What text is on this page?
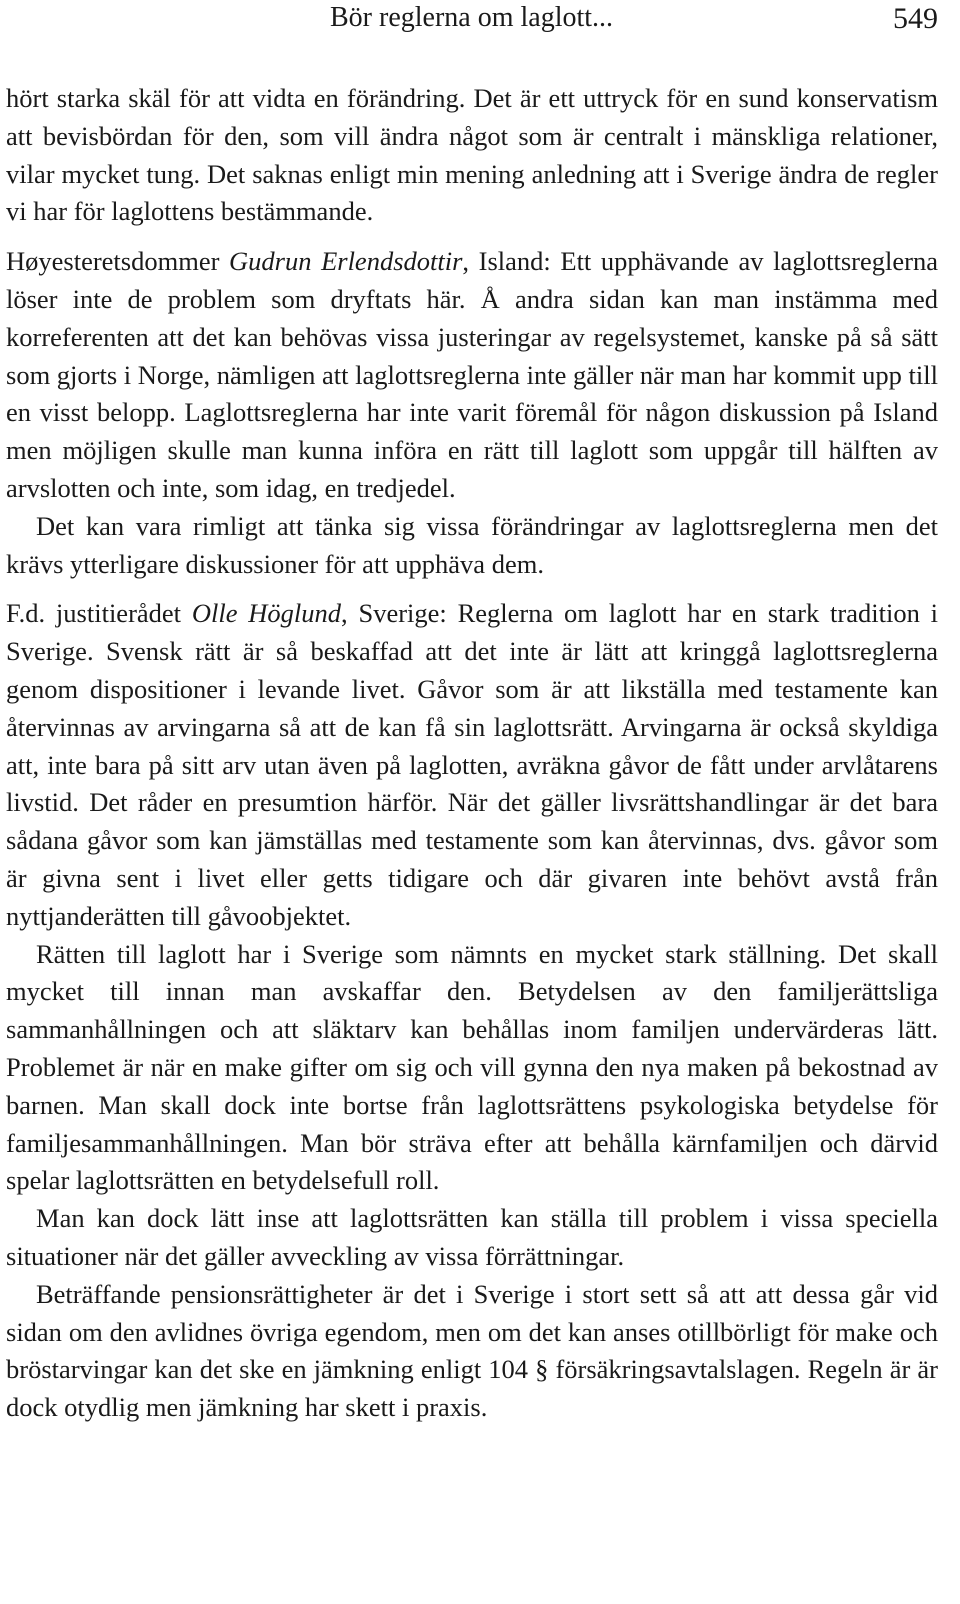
Bör reglerna om laglott...	549

hört starka skäl för att vidta en förändring. Det är ett uttryck för en sund konservatism att bevisbördan för den, som vill ändra något som är centralt i mänskliga relationer, vilar mycket tung. Det saknas enligt min mening anledning att i Sverige ändra de regler vi har för laglottens bestämmande.

Høyesteretsdommer Gudrun Erlendsdottir, Island: Ett upphävande av laglottsreglerna löser inte de problem som dryftats här. Å andra sidan kan man instämma med korreferenten att det kan behövas vissa justeringar av regelsystemet, kanske på så sätt som gjorts i Norge, nämligen att laglottsreglerna inte gäller när man har kommit upp till en visst belopp. Laglottsreglerna har inte varit föremål för någon diskussion på Island men möjligen skulle man kunna införa en rätt till laglott som uppgår till hälften av arvslotten och inte, som idag, en tredjedel.

Det kan vara rimligt att tänka sig vissa förändringar av laglottsreglerna men det krävs ytterligare diskussioner för att upphäva dem.

F.d. justitierådet Olle Höglund, Sverige: Reglerna om laglott har en stark tradition i Sverige. Svensk rätt är så beskaffad att det inte är lätt att kringgå laglottsreglerna genom dispositioner i levande livet. Gåvor som är att likställa med testamente kan återvinnas av arvingarna så att de kan få sin laglottsrätt. Arvingarna är också skyldiga att, inte bara på sitt arv utan även på laglotten, avräkna gåvor de fått under arvlåtarens livstid. Det råder en presumtion härför. När det gäller livsrättshandlingar är det bara sådana gåvor som kan jämställas med testamente som kan återvinnas, dvs. gåvor som är givna sent i livet eller getts tidigare och där givaren inte behövt avstå från nyttjanderätten till gåvoobjektet.

Rätten till laglott har i Sverige som nämnts en mycket stark ställning. Det skall mycket till innan man avskaffar den. Betydelsen av den familjerättsliga sammanhållningen och att släktarv kan behållas inom familjen undervärderas lätt. Problemet är när en make gifter om sig och vill gynna den nya maken på bekostnad av barnen. Man skall dock inte bortse från laglottsrättens psykologiska betydelse för familjesammanhållningen. Man bör sträva efter att behålla kärnfamiljen och därvid spelar laglottsrätten en betydelsefull roll.

Man kan dock lätt inse att laglottsrätten kan ställa till problem i vissa speciella situationer när det gäller avveckling av vissa förrättningar.

Beträffande pensionsrättigheter är det i Sverige i stort sett så att att dessa går vid sidan om den avlidnes övriga egendom, men om det kan anses otillbörligt för make och bröstarvingar kan det ske en jämkning enligt 104 § försäkringsavtalslagen. Regeln är är dock otydlig men jämkning har skett i praxis.
